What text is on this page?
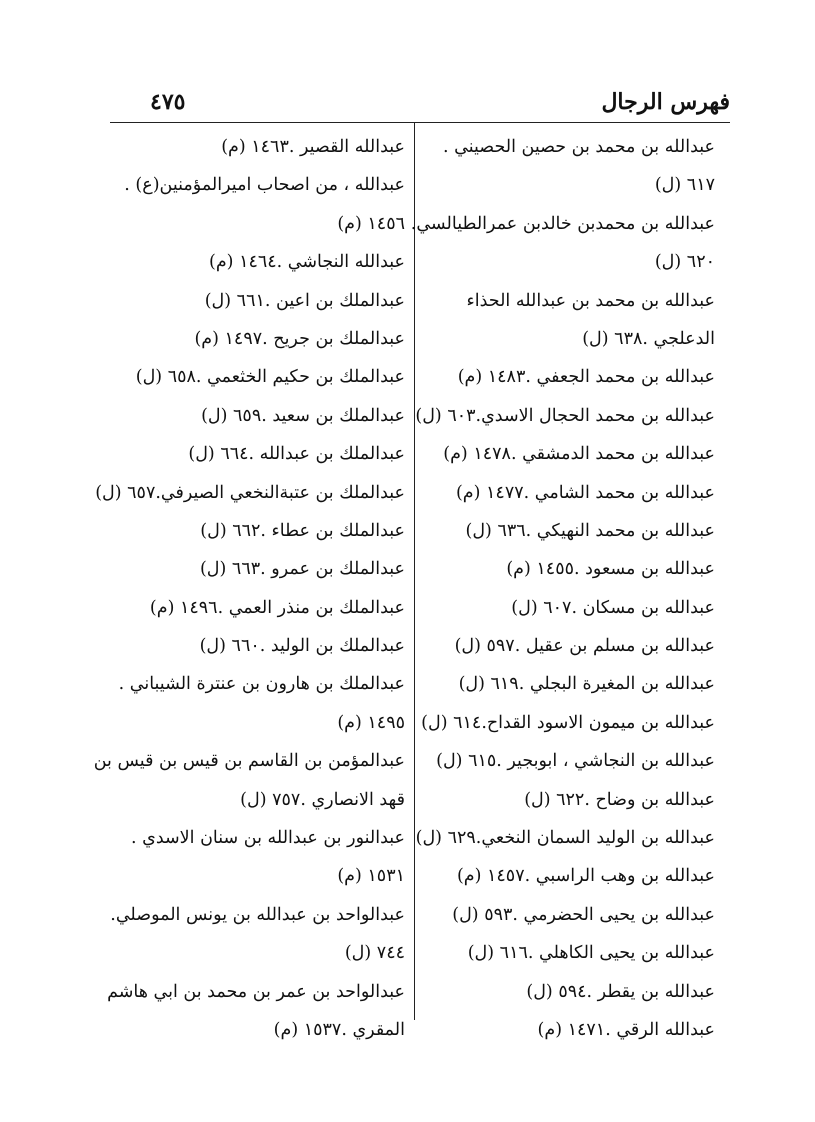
فهرس الرجال
٤٧٥
عبدالله بن محمد بن حصين الحصيني .
٦١٧ (ل)
عبدالله بن محمدبن خالدبن عمرالطيالسي.
٦٢٠ (ل)
عبدالله بن محمد بن عبدالله الحذاء
الدعلجي .٦٣٨ (ل)
عبدالله بن محمد الجعفي .١٤٨٣ (م)
عبدالله بن محمد الحجال الاسدي.٦٠٣ (ل)
عبدالله بن محمد الدمشقي .١٤٧٨ (م)
عبدالله بن محمد الشامي .١٤٧٧ (م)
عبدالله بن محمد النهيكي .٦٣٦ (ل)
عبدالله بن مسعود .١٤٥٥ (م)
عبدالله بن مسكان .٦٠٧ (ل)
عبدالله بن مسلم بن عقيل .٥٩٧ (ل)
عبدالله بن المغيرة البجلي .٦١٩ (ل)
عبدالله بن ميمون الاسود القداح.٦١٤ (ل)
عبدالله بن النجاشي ، ابوبجير .٦١٥ (ل)
عبدالله بن وضاح .٦٢٢ (ل)
عبدالله بن الوليد السمان النخعي.٦٢٩ (ل)
عبدالله بن وهب الراسبي .١٤٥٧ (م)
عبدالله بن يحيى الحضرمي .٥٩٣ (ل)
عبدالله بن يحيى الكاهلي .٦١٦ (ل)
عبدالله بن يقطر .٥٩٤ (ل)
عبدالله الرقي .١٤٧١ (م)
عبدالله القصير .١٤٦٣ (م)
عبدالله ، من اصحاب اميرالمؤمنين(ع) .
١٤٥٦ (م)
عبدالله النجاشي .١٤٦٤ (م)
عبدالملك بن اعين .٦٦١ (ل)
عبدالملك بن جريح .١٤٩٧ (م)
عبدالملك بن حكيم الخثعمي .٦٥٨ (ل)
عبدالملك بن سعيد .٦٥٩ (ل)
عبدالملك بن عبدالله .٦٦٤ (ل)
عبدالملك بن عتبةالنخعي الصيرفي.٦٥٧ (ل)
عبدالملك بن عطاء .٦٦٢ (ل)
عبدالملك بن عمرو .٦٦٣ (ل)
عبدالملك بن منذر العمي .١٤٩٦ (م)
عبدالملك بن الوليد .٦٦٠ (ل)
عبدالملك بن هارون بن عنترة الشيباني .
١٤٩٥ (م)
عبدالمؤمن بن القاسم بن قيس بن قيس بن
قهد الانصاري .٧٥٧ (ل)
عبدالنور بن عبدالله بن سنان الاسدي .
١٥٣١ (م)
عبدالواحد بن عبدالله بن يونس الموصلي.
٧٤٤ (ل)
عبدالواحد بن عمر بن محمد بن ابي هاشم
المقري .١٥٣٧ (م)
